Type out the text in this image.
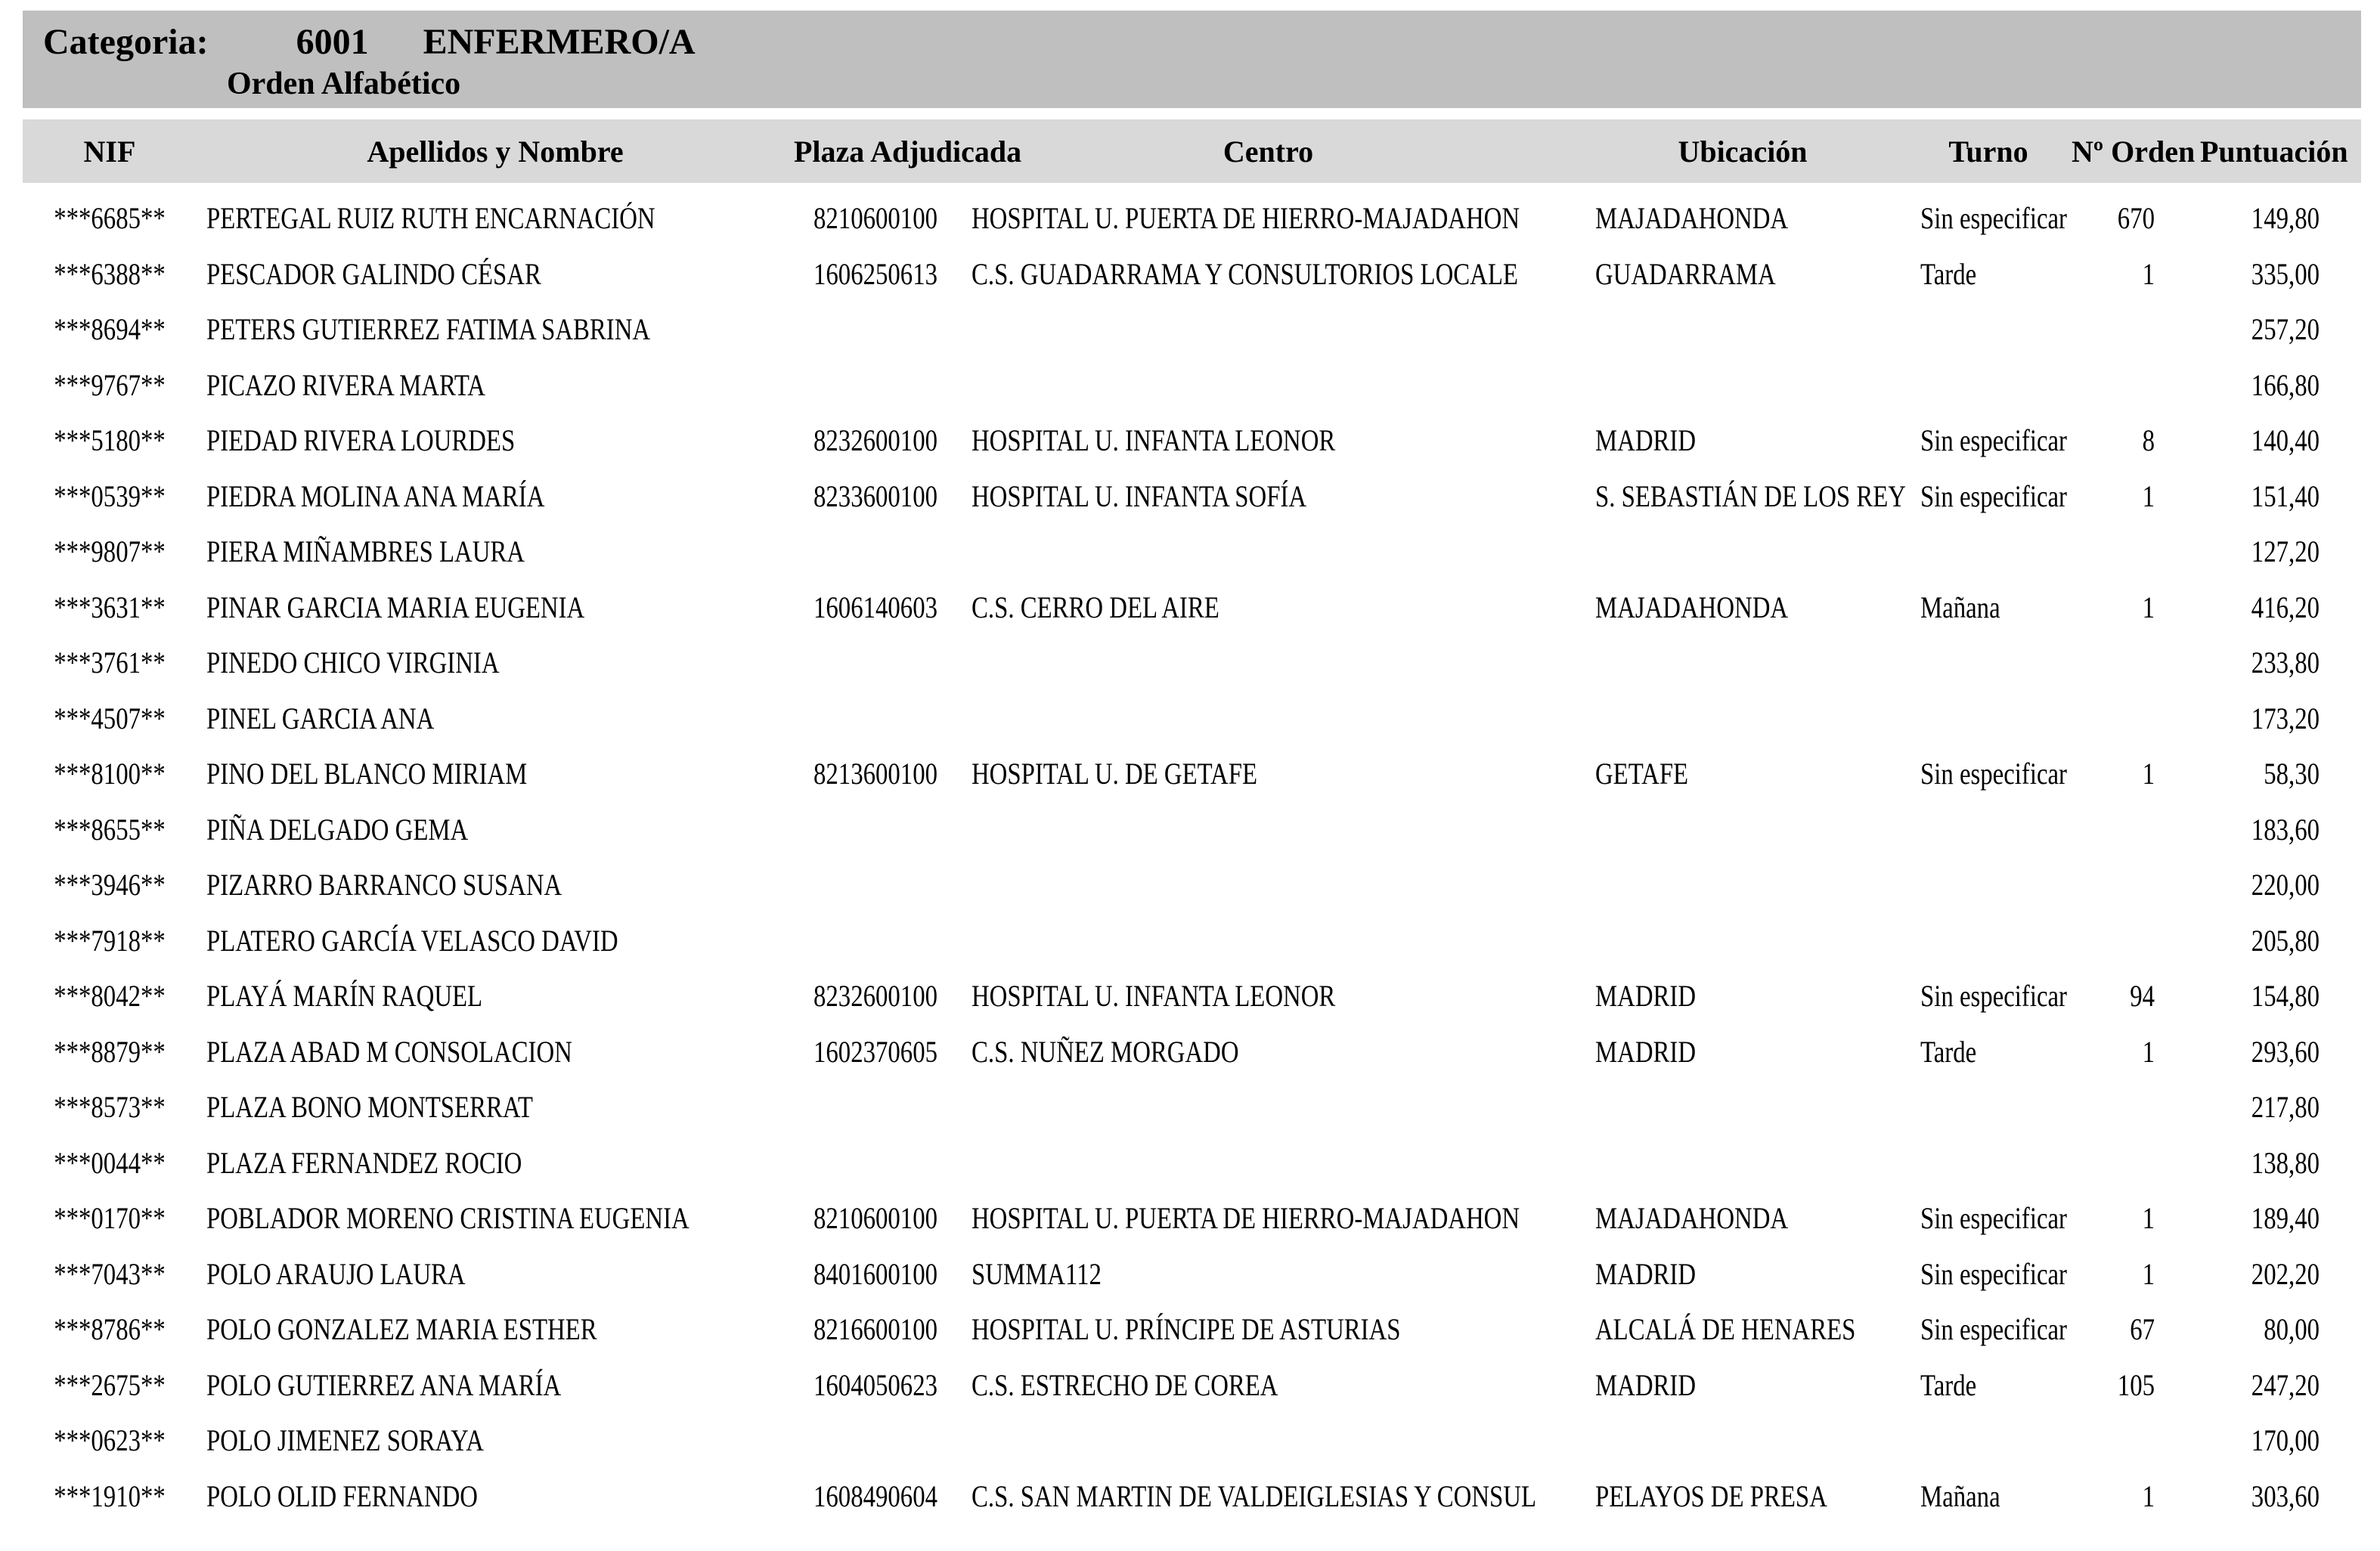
Categoria: 6001 ENFERMERO/A
Orden Alfabético
NIF	Apellidos y Nombre	Plaza Adjudicada	Centro	Ubicación	Turno	Nº Orden	Puntuación

***6685**	PERTEGAL RUIZ RUTH ENCARNACIÓN	8210600100	HOSPITAL U. PUERTA DE HIERRO-MAJADAHON	MAJADAHONDA	Sin especificar	670	149,80
***6388**	PESCADOR GALINDO CÉSAR	1606250613	C.S. GUADARRAMA Y CONSULTORIOS LOCALE	GUADARRAMA	Tarde	1	335,00
***8694**	PETERS GUTIERREZ FATIMA SABRINA						257,20
***9767**	PICAZO RIVERA MARTA						166,80
***5180**	PIEDAD RIVERA LOURDES	8232600100	HOSPITAL U. INFANTA LEONOR	MADRID	Sin especificar	8	140,40
***0539**	PIEDRA MOLINA ANA MARÍA	8233600100	HOSPITAL U. INFANTA SOFÍA	S. SEBASTIÁN DE LOS REY	Sin especificar	1	151,40
***9807**	PIERA MIÑAMBRES LAURA						127,20
***3631**	PINAR GARCIA MARIA EUGENIA	1606140603	C.S. CERRO DEL AIRE	MAJADAHONDA	Mañana	1	416,20
***3761**	PINEDO CHICO VIRGINIA						233,80
***4507**	PINEL GARCIA ANA						173,20
***8100**	PINO DEL BLANCO MIRIAM	8213600100	HOSPITAL U. DE GETAFE	GETAFE	Sin especificar	1	58,30
***8655**	PIÑA DELGADO GEMA						183,60
***3946**	PIZARRO BARRANCO SUSANA						220,00
***7918**	PLATERO GARCÍA VELASCO DAVID						205,80
***8042**	PLAYÁ MARÍN RAQUEL	8232600100	HOSPITAL U. INFANTA LEONOR	MADRID	Sin especificar	94	154,80
***8879**	PLAZA ABAD M CONSOLACION	1602370605	C.S. NUÑEZ MORGADO	MADRID	Tarde	1	293,60
***8573**	PLAZA BONO MONTSERRAT						217,80
***0044**	PLAZA FERNANDEZ ROCIO						138,80
***0170**	POBLADOR MORENO CRISTINA EUGENIA	8210600100	HOSPITAL U. PUERTA DE HIERRO-MAJADAHON	MAJADAHONDA	Sin especificar	1	189,40
***7043**	POLO ARAUJO LAURA	8401600100	SUMMA112	MADRID	Sin especificar	1	202,20
***8786**	POLO GONZALEZ MARIA ESTHER	8216600100	HOSPITAL U. PRÍNCIPE DE ASTURIAS	ALCALÁ DE HENARES	Sin especificar	67	80,00
***2675**	POLO GUTIERREZ ANA MARÍA	1604050623	C.S. ESTRECHO DE COREA	MADRID	Tarde	105	247,20
***0623**	POLO JIMENEZ SORAYA						170,00
***1910**	POLO OLID FERNANDO	1608490604	C.S. SAN MARTIN DE VALDEIGLESIAS Y CONSUL	PELAYOS DE PRESA	Mañana	1	303,60
